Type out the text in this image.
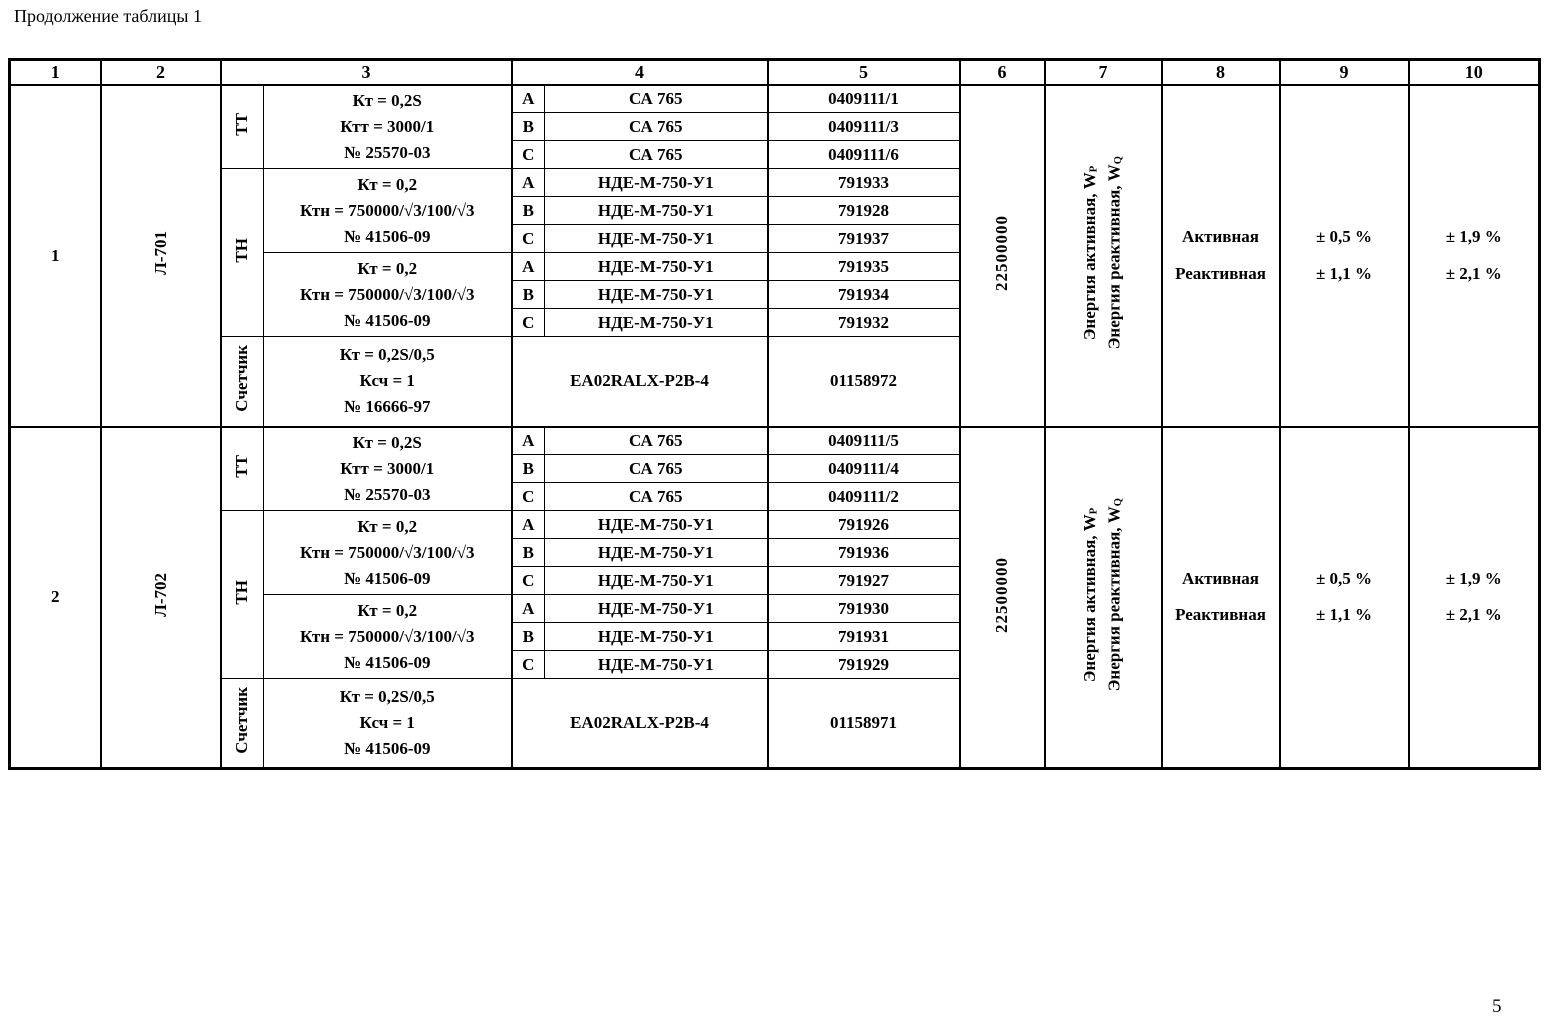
Продолжение таблицы 1
1	2	3		4		5	6	7	8	9	10
1	Л-701	ТТ	
Кт = 0,2S
Ктт = 3000/1
№ 25570-03
	А	СА 765	0409111/1	22500000	Энергия активная, $W_P$ Энергия реактивная, $W_Q$

Активная
Реактивная

± 0,5 %
± 1,1 %

± 1,9 %
± 2,1 %

				В	СА 765	0409111/3					
				С	СА 765	0409111/6					
		ТН	Кт = 0,2
Ктн = 750000/√3/100/√3
№ 41506-09	А	НДЕ-М-750-У1	791933					
				В	НДЕ-М-750-У1	791928					
				С	НДЕ-М-750-У1	791937					

			Кт = 0,2
Ктн = 750000/√3/100/√3
№ 41506-09	А	НДЕ-М-750-У1	791935					
				В	НДЕ-М-750-У1	791934					
				С	НДЕ-М-750-У1	791932					
		Счетчик	Кт = 0,2S/0,5
Ксч = 1
№ 16666-97	EA02RALX-P2B-4		01158972					
2	Л-702	ТТ	
Кт = 0,2S
Ктт = 3000/1
№ 25570-03
	А	СА 765	0409111/5	22500000	Энергия активная, $W_P$ Энергия реактивная, $W_Q$

Активная
Реактивная

± 0,5 %
± 1,1 %

± 1,9 %
± 2,1 %

				В	СА 765	0409111/4					
				С	СА 765	0409111/2					
		ТН	Кт = 0,2
Ктн = 750000/√3/100/√3
№ 41506-09	А	НДЕ-М-750-У1	791926					
				В	НДЕ-М-750-У1	791936					
				С	НДЕ-М-750-У1	791927					

			Кт = 0,2
Ктн = 750000/√3/100/√3
№ 41506-09	А	НДЕ-М-750-У1	791930					
				В	НДЕ-М-750-У1	791931					
				С	НДЕ-М-750-У1	791929					
		Счетчик	Кт = 0,2S/0,5
Ксч = 1
№ 41506-09	EA02RALX-P2B-4		01158971					
5
